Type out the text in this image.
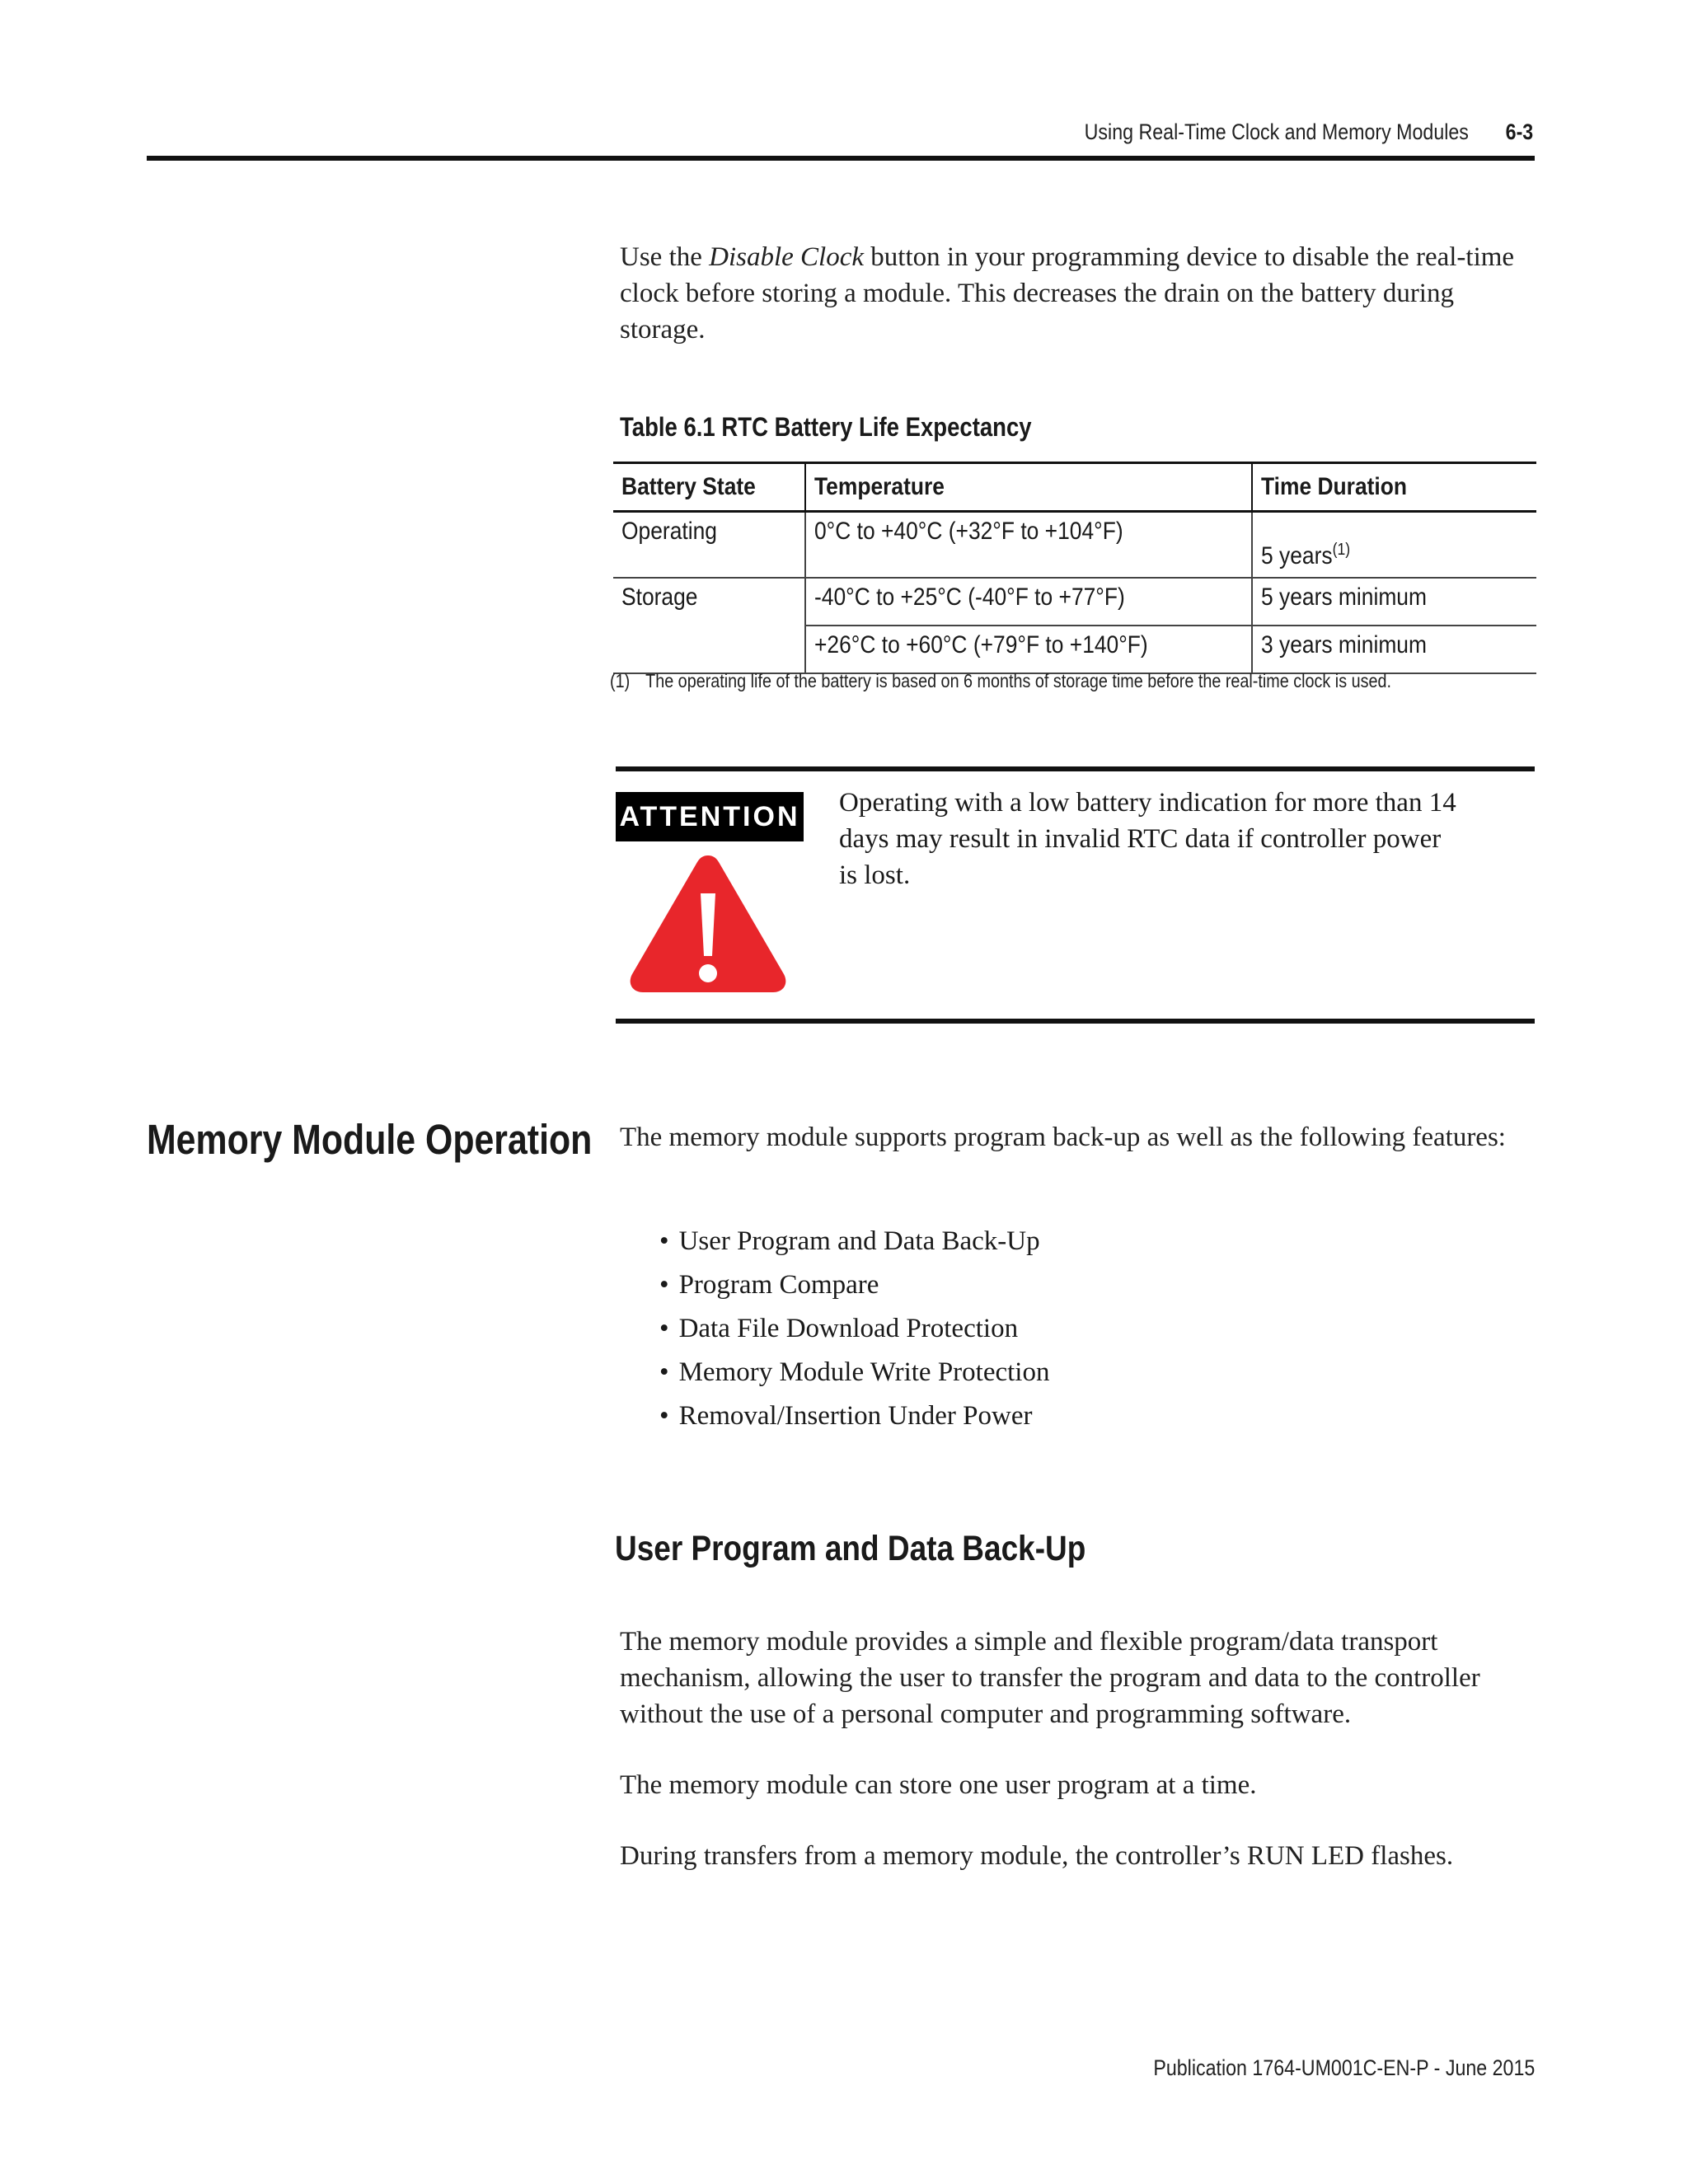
Using Real-Time Clock and Memory Modules 6-3

Use the Disable Clock button in your programming device to disable the real-time clock before storing a module. This decreases the drain on the battery during storage.

Table 6.1 RTC Battery Life Expectancy
Battery State	Temperature	Time Duration
Operating	0°C to +40°C (+32°F to +104°F)	5 years$^{(1)}$
Storage	-40°C to +25°C (-40°F to +77°F)	5 years minimum
	+26°C to +60°C (+79°F to +140°F)	3 years minimum
(1) The operating life of the battery is based on 6 months of storage time before the real-time clock is used.
ATTENTION Operating with a low battery indication for more than 14 days may result in invalid RTC data if controller power is lost.
Memory Module Operation The memory module supports program back-up as well as the following features:

• User Program and Data Back-Up
• Program Compare
• Data File Download Protection
• Memory Module Write Protection
• Removal/Insertion Under Power
User Program and Data Back-Up

The memory module provides a simple and flexible program/data transport mechanism, allowing the user to transfer the program and data to the controller without the use of a personal computer and programming software.

The memory module can store one user program at a time.

During transfers from a memory module, the controller’s RUN LED flashes.

Publication 1764-UM001C-EN-P - June 2015
